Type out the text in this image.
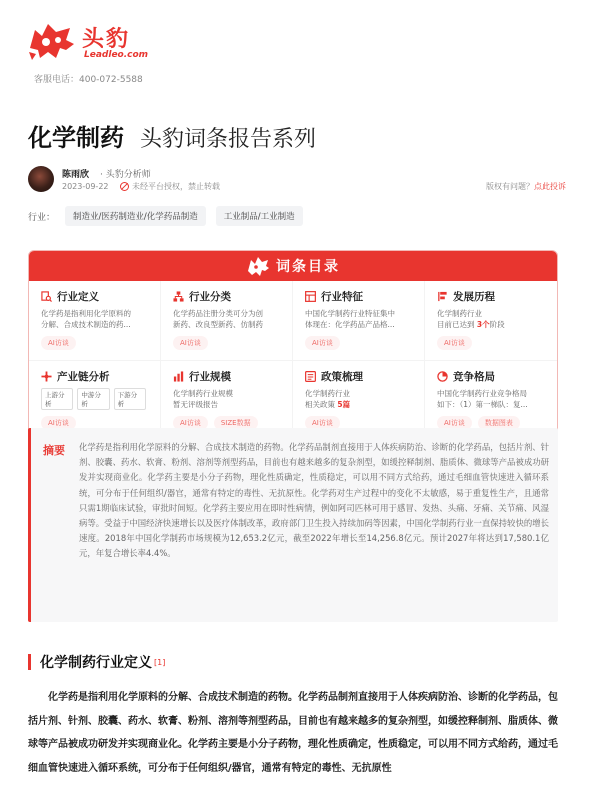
头豹
Leadleo.com
客服电话：400-072-5588
化学制药 头豹词条报告系列
陈雨欣 · 头豹分析师
2023-09-22	未经平台授权，禁止转载	版权有问题？点此投诉
行业：	制造业/医药制造业/化学药品制造	工业制品/工业制造
词条目录
行业定义
化学药是指利用化学原料的
分解、合成技术制造的药...
AI访谈
行业分类
化学药品注册分类可分为创
新药、改良型新药、仿制药
AI访谈
行业特征
中国化学制药行业特征集中
体现在：化学药品产品格...
AI访谈
发展历程
化学制药行业
目前已达到 3个阶段
AI访谈
产业链分析
上游分析
中游分析
下游分析
AI访谈
行业规模
化学制药行业规模
暂无评级报告
AI访谈	SIZE数据
政策梳理
化学制药行业
相关政策 5篇
AI访谈
竞争格局
中国化学制药行业竞争格局
如下：（1）第一梯队：复...
AI访谈	数据图表
摘要 化学药是指利用化学原料的分解、合成技术制造的药物。化学药品制剂直接用于人体疾病防治、诊断的化学药品，包括片剂、针剂、胶囊、药水、软膏、粉剂、溶剂等剂型药品，目前也有越来越多的复杂剂型，如缓控释制剂、脂质体、微球等产品被成功研发并实现商业化。化学药主要是小分子药物，理化性质确定，性质稳定，可以用不同方式给药，通过毛细血管快速进入循环系统，可分布于任何组织/器官，通常有特定的毒性、无抗原性。化学药对生产过程中的变化不太敏感，易于重复性生产，且通常只需1期临床试验，审批时间短。化学药主要应用在即时性病情，例如阿司匹林可用于感冒、发热、头痛、牙痛、关节痛、风湿病等。受益于中国经济快速增长以及医疗体制改革，政府部门卫生投入持续加码等因素，中国化学制药行业一直保持较快的增长速度。2018年中国化学制药市场规模为12,653.2亿元，截至2022年增长至14,256.8亿元。预计2027年将达到17,580.1亿元，年复合增长率4.4%。
化学制药行业定义 [1]
化学药是指利用化学原料的分解、合成技术制造的药物。化学药品制剂直接用于人体疾病防治、诊断的化学药品，包括片剂、针剂、胶囊、药水、软膏、粉剂、溶剂等剂型药品，目前也有越来越多的复杂剂型，如缓控释制剂、脂质体、微球等产品被成功研发并实现商业化。化学药主要是小分子药物，理化性质确定，性质稳定，可以用不同方式给药，通过毛细血管快速进入循环系统，可分布于任何组织/器官，通常有特定的毒性、无抗原性
